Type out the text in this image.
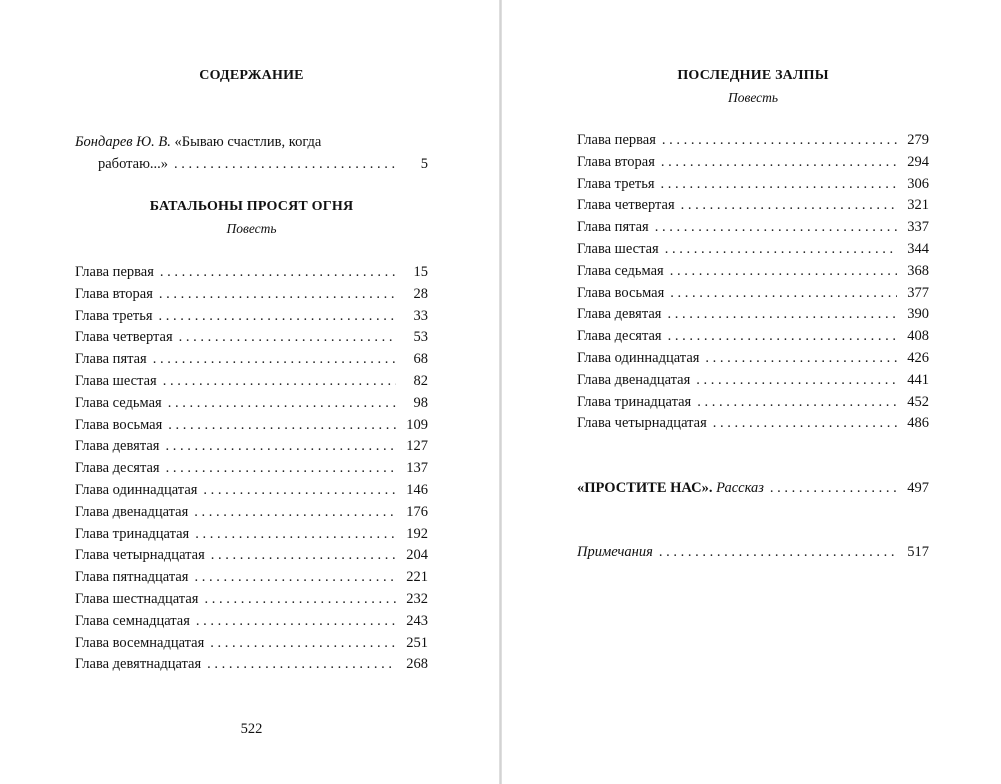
СОДЕРЖАНИЕ
Бондарев Ю. В. «Бываю счастлив, когда
работаю...» . . .	5
БАТАЛЬОНЫ ПРОСЯТ ОГНЯ
Повесть
Глава первая . . .	15
Глава вторая . . .	28
Глава третья . . .	33
Глава четвертая . . .	53
Глава пятая . . .	68
Глава шестая . . .	82
Глава седьмая . . .	98
Глава восьмая . . .	109
Глава девятая . . .	127
Глава десятая . . .	137
Глава одиннадцатая . . .	146
Глава двенадцатая . . .	176
Глава тринадцатая . . .	192
Глава четырнадцатая . . .	204
Глава пятнадцатая . . .	221
Глава шестнадцатая . . .	232
Глава семнадцатая . . .	243
Глава восемнадцатая . . .	251
Глава девятнадцатая . . .	268
522
ПОСЛЕДНИЕ ЗАЛПЫ
Повесть
Глава первая . . .	279
Глава вторая . . .	294
Глава третья . . .	306
Глава четвертая . . .	321
Глава пятая . . .	337
Глава шестая . . .	344
Глава седьмая . . .	368
Глава восьмая . . .	377
Глава девятая . . .	390
Глава десятая . . .	408
Глава одиннадцатая . . .	426
Глава двенадцатая . . .	441
Глава тринадцатая . . .	452
Глава четырнадцатая . . .	486
«ПРОСТИТЕ НАС». Рассказ . . .	497
Примечания . . .	517
